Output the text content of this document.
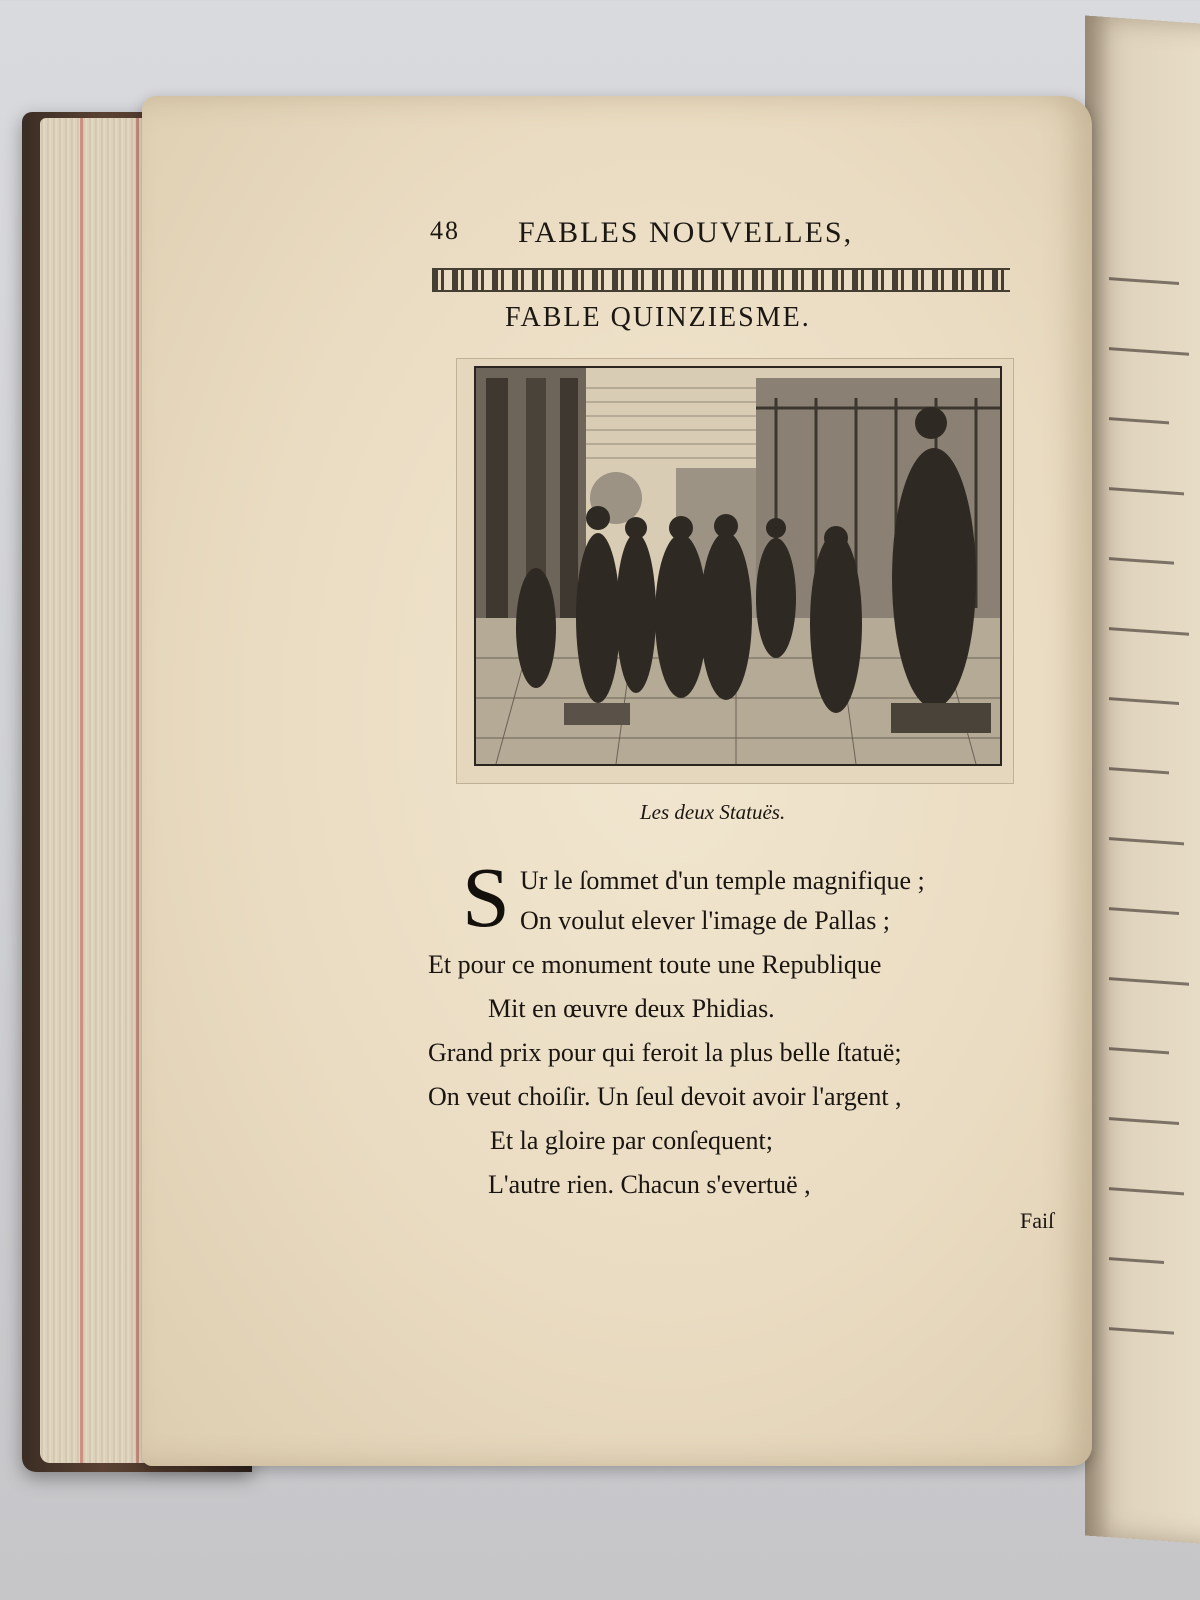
48 FABLES NOUVELLES,
FABLE QUINZIESME.
Les deux Statuës.
S Ur le ſommet d'un temple magnifique ;
On voulut elever l'image de Pallas ;
Et pour ce monument toute une Republique
Mit en œuvre deux Phidias.
Grand prix pour qui feroit la plus belle ſtatuë;
On veut choiſir. Un ſeul devoit avoir l'argent ,
Et la gloire par conſequent;
L'autre rien. Chacun s'evertuë ,
Faiſ
